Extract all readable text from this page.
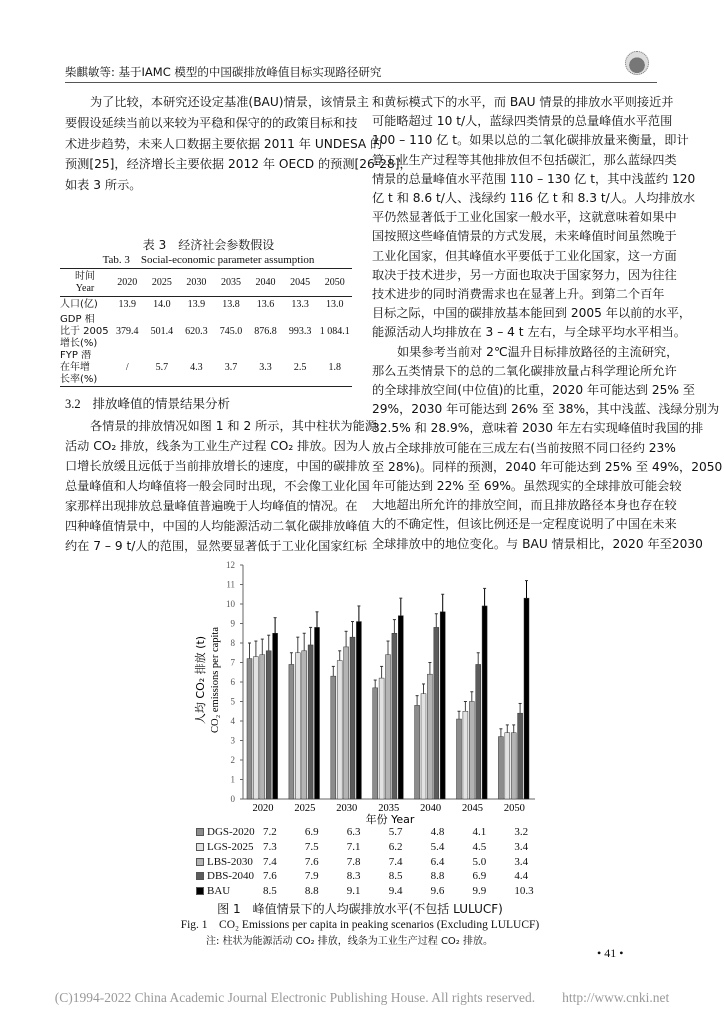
柴麒敏等: 基于IAMC 模型的中国碳排放峰值目标实现路径研究
为了比较，本研究还设定基准(BAU)情景，该情景主
要假设延续当前以来较为平稳和保守的的政策目标和技
术进步趋势，未来人口数据主要依据 2011 年 UNDESA 的
预测[25]，经济增长主要依据 2012 年 OECD 的预测[26-28]，
如表 3 所示。
表 3　经济社会参数假设
Tab. 3　Social-economic parameter assumption
时间
Year	2020	2025	2030	2035	2040	2045	2050

人口(亿)	13.9	14.0	13.9	13.8	13.6	13.3	13.0

GDP 相
比于 2005
增长(%)	379.4	501.4	620.3	745.0	876.8	993.3	1 084.1

FYP 潜
在年增
长率(%)	/	5.7	4.3	3.7	3.3	2.5	1.8
3.2 排放峰值的情景结果分析
各情景的排放情况如图 1 和 2 所示，其中柱状为能源
活动 CO₂ 排放，线条为工业生产过程 CO₂ 排放。因为人
口增长放缓且远低于当前排放增长的速度，中国的碳排放
总量峰值和人均峰值将一般会同时出现，不会像工业化国
家那样出现排放总量峰值普遍晚于人均峰值的情况。在
四种峰值情景中，中国的人均能源活动二氧化碳排放峰值
约在 7 – 9 t/人的范围，显然要显著低于工业化国家红标
和黄标模式下的水平，而 BAU 情景的排放水平则接近并
可能略超过 10 t/人，蓝绿四类情景的总量峰值水平范围
100 – 110 亿 t。如果以总的二氧化碳排放量来衡量，即计
算工业生产过程等其他排放但不包括碳汇，那么蓝绿四类
情景的总量峰值水平范围 110 – 130 亿 t，其中浅蓝约 120
亿 t 和 8.6 t/人、浅绿约 116 亿 t 和 8.3 t/人。人均排放水
平仍然显著低于工业化国家一般水平，这就意味着如果中
国按照这些峰值情景的方式发展，未来峰值时间虽然晚于
工业化国家，但其峰值水平要低于工业化国家，这一方面
取决于技术进步，另一方面也取决于国家努力，因为往往
技术进步的同时消费需求也在显著上升。到第二个百年
目标之际，中国的碳排放基本能回到 2005 年以前的水平，
能源活动人均排放在 3 – 4 t 左右，与全球平均水平相当。
如果参考当前对 2℃温升目标排放路径的主流研究，
那么五类情景下的总的二氧化碳排放量占科学理论所允许
的全球排放空间(中位值)的比重，2020 年可能达到 25% 至
29%，2030 年可能达到 26% 至 38%，其中浅蓝、浅绿分别为
32.5% 和 28.9%，意味着 2030 年左右实现峰值时我国的排
放占全球排放可能在三成左右(当前按照不同口径约 23%
至 28%)。同样的预测，2040 年可能达到 25% 至 49%，2050
年可能达到 22% 至 69%。虽然现实的全球排放可能会较
大地超出所允许的排放空间，而且排放路径本身也存在较
大的不确定性，但该比例还是一定程度说明了中国在未来
全球排放中的地位变化。与 BAU 情景相比，2020 年至2030
0
1
2
3
4
5
6
7
8
9
10
11
12
2020 2025 2030 2035 2040 2045 2050
年份 Year
人均 CO₂ 排放 (t) CO₂ emissions per capita
DGS-2020 7.2	6.9	6.3	5.7	4.8	4.1	3.2
LGS-2025 7.3	7.5	7.1	6.2	5.4	4.5	3.4
LBS-2030 7.4	7.6	7.8	7.4	6.4	5.0	3.4
DBS-2040 7.6	7.9	8.3	8.5	8.8	6.9	4.4
BAU	8.5	8.8	9.1	9.4	9.6	9.9	10.3
图 1　峰值情景下的人均碳排放水平(不包括 LULUCF)
Fig. 1　CO₂ Emissions per capita in peaking scenarios (Excluding LULUCF)
注: 柱状为能源活动 CO₂ 排放，线条为工业生产过程 CO₂ 排放。
• 41 •
(C)1994-2022 China Academic Journal Electronic Publishing House. All rights reserved.　　http://www.cnki.net
